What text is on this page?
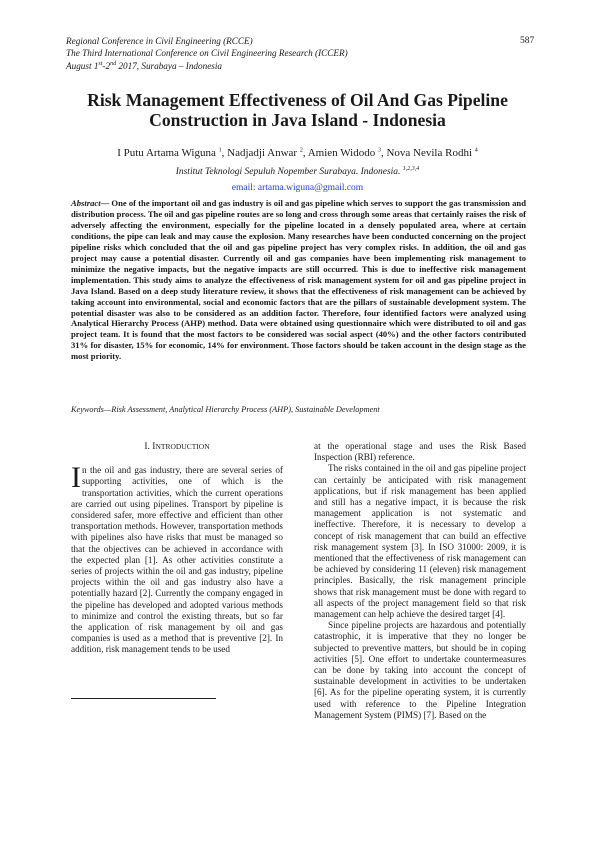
Regional Conference in Civil Engineering (RCCE)
The Third International Conference on Civil Engineering Research (ICCER)
August 1st-2nd 2017, Surabaya – Indonesia
587
Risk Management Effectiveness of Oil And Gas Pipeline Construction in Java Island - Indonesia
I Putu Artama Wiguna $^1$, Nadjadji Anwar $^2$, Amien Widodo $^3$, Nova Nevila Rodhi $^4$
Institut Teknologi Sepuluh Nopember Surabaya. Indonesia. $^{1,2,3,4}$
email: artama.wiguna@gmail.com
Abstract— One of the important oil and gas industry is oil and gas pipeline which serves to support the gas transmission and distribution process. The oil and gas pipeline routes are so long and cross through some areas that certainly raises the risk of adversely affecting the environment, especially for the pipeline located in a densely populated area, where at certain conditions, the pipe can leak and may cause the explosion. Many researches have been conducted concerning on the project pipeline risks which concluded that the oil and gas pipeline project has very complex risks. In addition, the oil and gas project may cause a potential disaster. Currently oil and gas companies have been implementing risk management to minimize the negative impacts, but the negative impacts are still occurred. This is due to ineffective risk management implementation. This study aims to analyze the effectiveness of risk management system for oil and gas pipeline project in Java Island. Based on a deep study literature review, it shows that the effectiveness of risk management can be achieved by taking account into environmental, social and economic factors that are the pillars of sustainable development system. The potential disaster was also to be considered as an addition factor. Therefore, four identified factors were analyzed using Analytical Hierarchy Process (AHP) method. Data were obtained using questionnaire which were distributed to oil and gas project team. It is found that the most factors to be considered was social aspect (40%) and the other factors contributed 31% for disaster, 15% for economic, 14% for environment. Those factors should be taken account in the design stage as the most priority.
Keywords—Risk Assessment, Analytical Hierarchy Process (AHP), Sustainable Development
I. INTRODUCTION

In the oil and gas industry, there are several series of supporting activities, one of which is the transportation activities, which the current operations are carried out using pipelines. Transport by pipeline is considered safer, more effective and efficient than other transportation methods. However, transportation methods with pipelines also have risks that must be managed so that the objectives can be achieved in accordance with the expected plan [1]. As other activities constitute a series of projects within the oil and gas industry, pipeline projects within the oil and gas industry also have a potentially hazard [2]. Currently the company engaged in the pipeline has developed and adopted various methods to minimize and control the existing threats, but so far the application of risk management by oil and gas companies is used as a method that is preventive [2]. In addition, risk management tends to be used

at the operational stage and uses the Risk Based Inspection (RBI) reference.

The risks contained in the oil and gas pipeline project can certainly be anticipated with risk management applications, but if risk management has been applied and still has a negative impact, it is because the risk management application is not systematic and ineffective. Therefore, it is necessary to develop a concept of risk management that can build an effective risk management system [3]. In ISO 31000: 2009, it is mentioned that the effectiveness of risk management can be achieved by considering 11 (eleven) risk management principles. Basically, the risk management principle shows that risk management must be done with regard to all aspects of the project management field so that risk management can help achieve the desired target [4].

Since pipeline projects are hazardous and potentially catastrophic, it is imperative that they no longer be subjected to preventive matters, but should be in coping activities [5]. One effort to undertake countermeasures can be done by taking into account the concept of sustainable development in activities to be undertaken [6]. As for the pipeline operating system, it is currently used with reference to the Pipeline Integration Management System (PIMS) [7]. Based on the
